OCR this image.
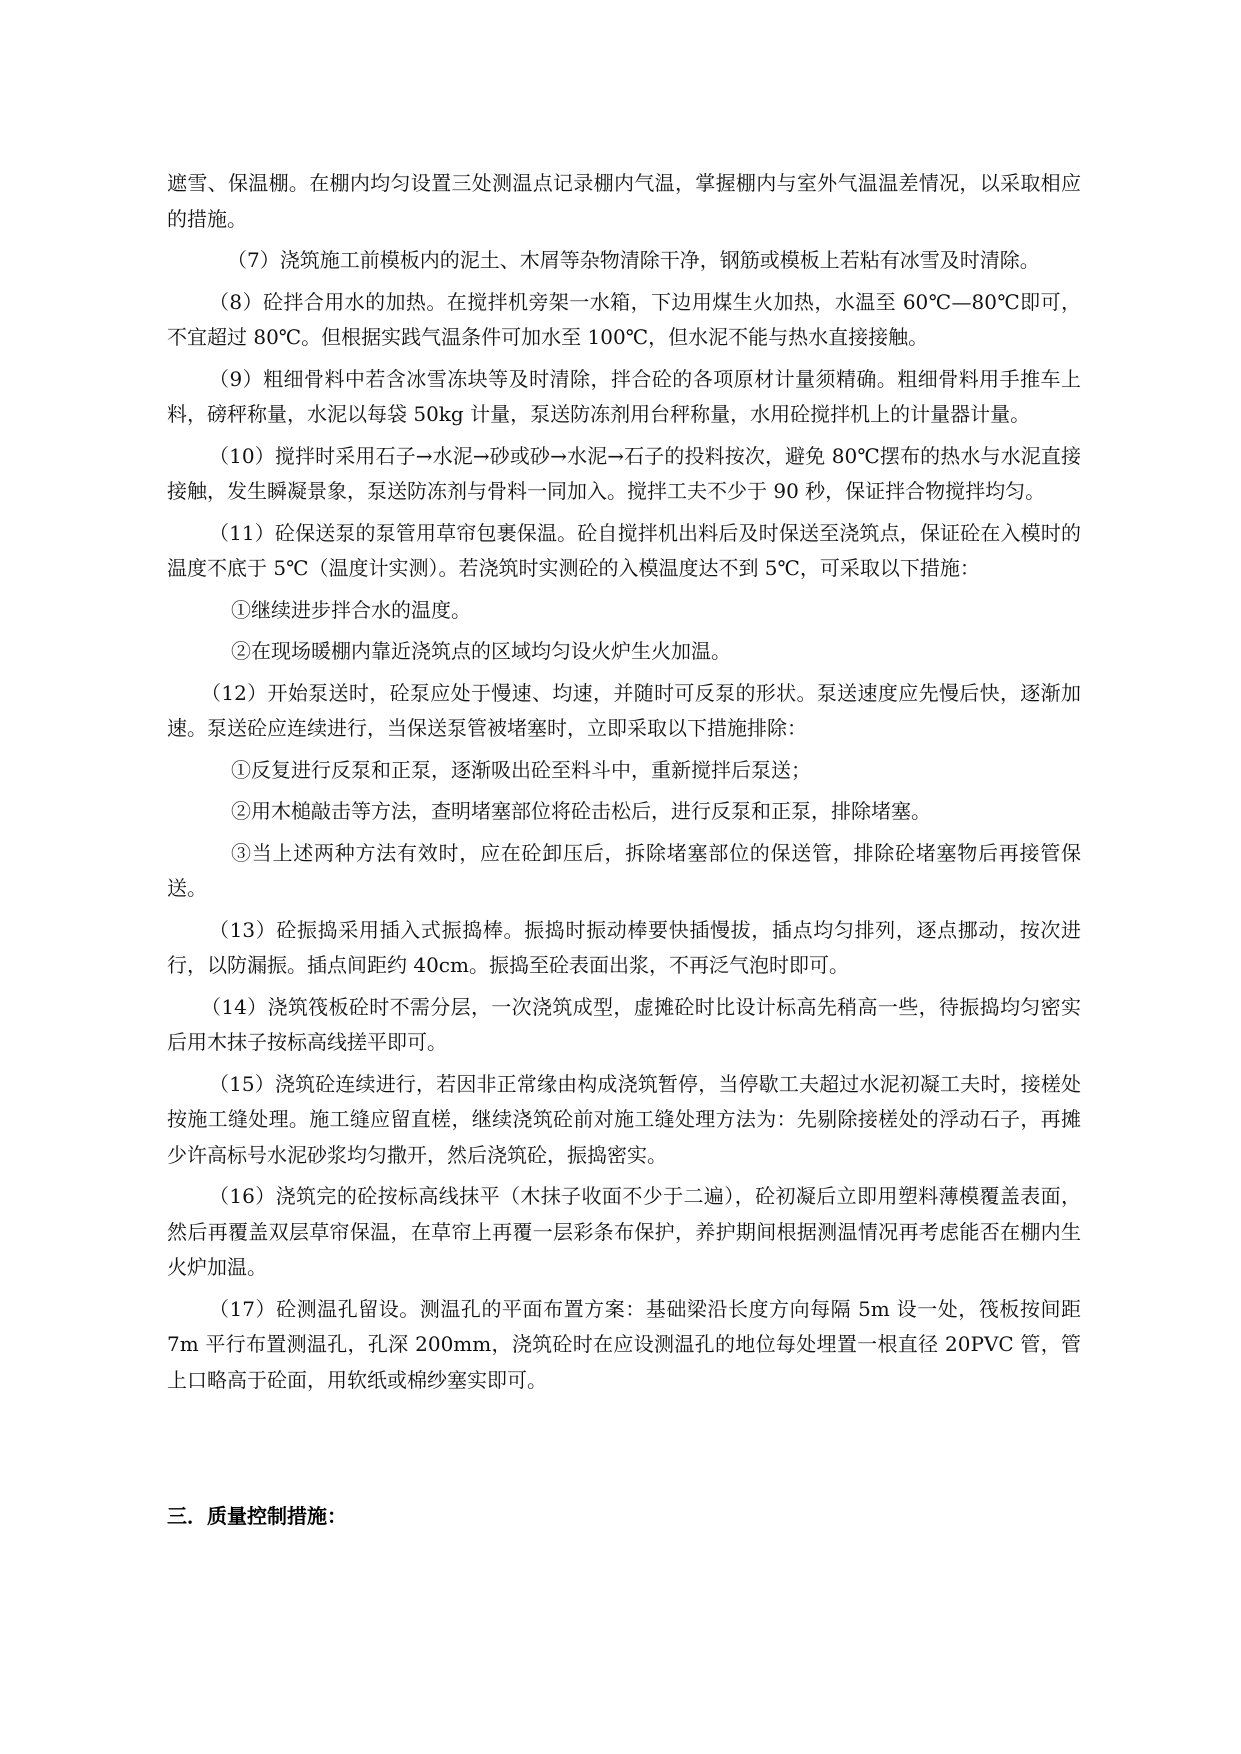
遮雪、保温棚。在棚内均匀设置三处测温点记录棚内气温，掌握棚内与室外气温温差情况，以采取相应的措施。

（7）浇筑施工前模板内的泥土、木屑等杂物清除干净，钢筋或模板上若粘有冰雪及时清除。

（8）砼拌合用水的加热。在搅拌机旁架一水箱，下边用煤生火加热，水温至 60℃—80℃即可，不宜超过 80℃。但根据实践气温条件可加水至 100℃，但水泥不能与热水直接接触。

（9）粗细骨料中若含冰雪冻块等及时清除，拌合砼的各项原材计量须精确。粗细骨料用手推车上料，磅秤称量，水泥以每袋 50kg 计量，泵送防冻剂用台秤称量，水用砼搅拌机上的计量器计量。

（10）搅拌时采用石子→水泥→砂或砂→水泥→石子的投料按次，避免 80℃摆布的热水与水泥直接接触，发生瞬凝景象，泵送防冻剂与骨料一同加入。搅拌工夫不少于 90 秒，保证拌合物搅拌均匀。

（11）砼保送泵的泵管用草帘包裹保温。砼自搅拌机出料后及时保送至浇筑点，保证砼在入模时的温度不底于 5℃（温度计实测）。若浇筑时实测砼的入模温度达不到 5℃，可采取以下措施：

①继续进步拌合水的温度。

②在现场暖棚内靠近浇筑点的区域均匀设火炉生火加温。

（12）开始泵送时，砼泵应处于慢速、均速，并随时可反泵的形状。泵送速度应先慢后快，逐渐加速。泵送砼应连续进行，当保送泵管被堵塞时，立即采取以下措施排除：

①反复进行反泵和正泵，逐渐吸出砼至料斗中，重新搅拌后泵送；

②用木槌敲击等方法，查明堵塞部位将砼击松后，进行反泵和正泵，排除堵塞。

③当上述两种方法有效时，应在砼卸压后，拆除堵塞部位的保送管，排除砼堵塞物后再接管保送。

（13）砼振捣采用插入式振捣棒。振捣时振动棒要快插慢拔，插点均匀排列，逐点挪动，按次进行，以防漏振。插点间距约 40cm。振捣至砼表面出浆，不再泛气泡时即可。

（14）浇筑筏板砼时不需分层，一次浇筑成型，虚摊砼时比设计标高先稍高一些，待振捣均匀密实后用木抹子按标高线搓平即可。

（15）浇筑砼连续进行，若因非正常缘由构成浇筑暂停，当停歇工夫超过水泥初凝工夫时，接槎处按施工缝处理。施工缝应留直槎，继续浇筑砼前对施工缝处理方法为：先剔除接槎处的浮动石子，再摊少许高标号水泥砂浆均匀撒开，然后浇筑砼，振捣密实。

（16）浇筑完的砼按标高线抹平（木抹子收面不少于二遍），砼初凝后立即用塑料薄模覆盖表面，然后再覆盖双层草帘保温，在草帘上再覆一层彩条布保护，养护期间根据测温情况再考虑能否在棚内生火炉加温。

（17）砼测温孔留设。测温孔的平面布置方案：基础梁沿长度方向每隔 5m 设一处，筏板按间距 7m 平行布置测温孔，孔深 200mm，浇筑砼时在应设测温孔的地位每处埋置一根直径 20PVC 管，管上口略高于砼面，用软纸或棉纱塞实即可。

三．质量控制措施：
